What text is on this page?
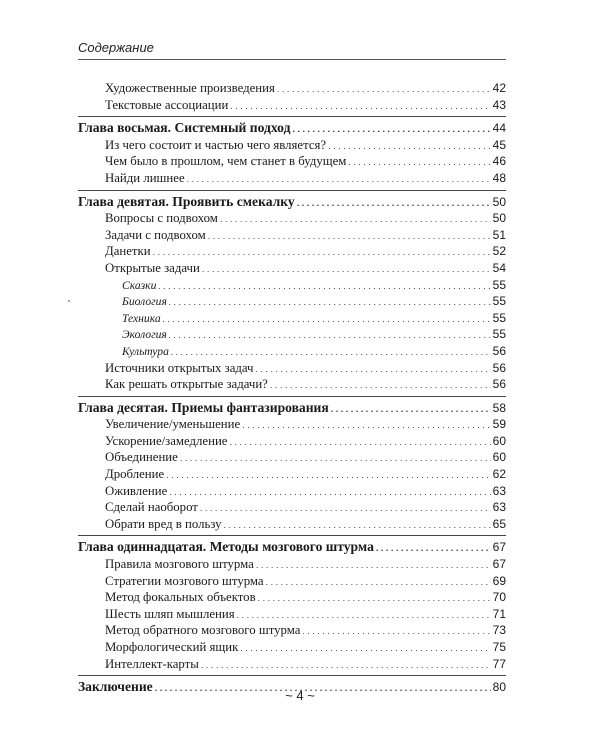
Содержание
Художественные произведения . . .	42
Текстовые ассоциации . . .	43
Глава восьмая. Системный подход . . .	44
Из чего состоит и частью чего является? . . .	45
Чем было в прошлом, чем станет в будущем . . .	46
Найди лишнее . . .	48
Глава девятая. Проявить смекалку . . .	50
Вопросы с подвохом . . .	50
Задачи с подвохом . . .	51
Данетки . . .	52
Открытые задачи . . .	54
Сказки . . .	55
Биология . . .	55
Техника . . .	55
Экология . . .	55
Культура . . .	56
Источники открытых задач . . .	56
Как решать открытые задачи? . . .	56
Глава десятая. Приемы фантазирования . . .	58
Увеличение/уменьшение . . .	59
Ускорение/замедление . . .	60
Объединение . . .	60
Дробление . . .	62
Оживление . . .	63
Сделай наоборот . . .	63
Обрати вред в пользу . . .	65
Глава одиннадцатая. Методы мозгового штурма . . .	67
Правила мозгового штурма . . .	67
Стратегии мозгового штурма . . .	69
Метод фокальных объектов . . .	70
Шесть шляп мышления . . .	71
Метод обратного мозгового штурма . . .	73
Морфологический ящик . . .	75
Интеллект-карты . . .	77
Заключение . . .	80
~ 4 ~
